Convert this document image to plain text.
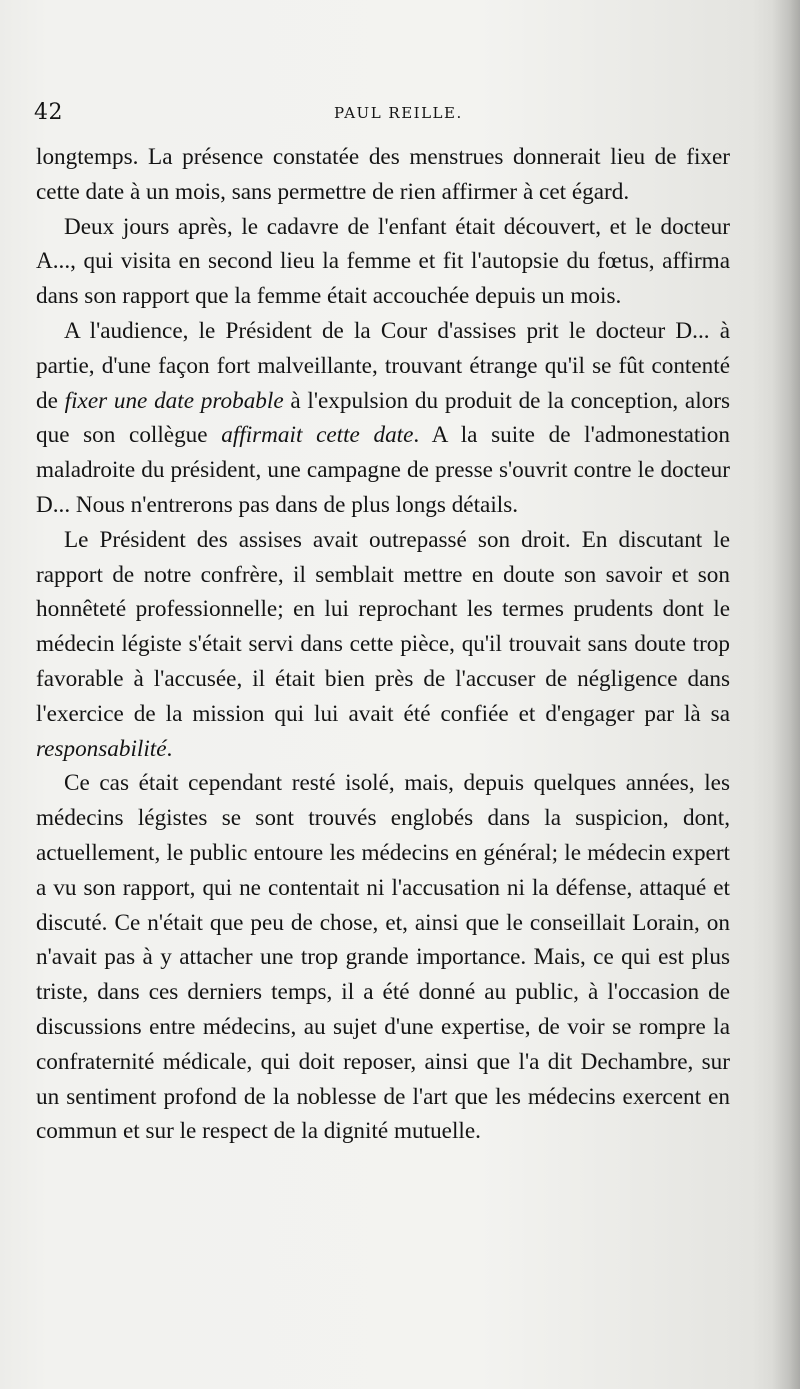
42	PAUL REILLE.

longtemps. La présence constatée des menstrues donnerait lieu de fixer cette date à un mois, sans permettre de rien affirmer à cet égard.

Deux jours après, le cadavre de l'enfant était découvert, et le docteur A..., qui visita en second lieu la femme et fit l'autopsie du fœtus, affirma dans son rapport que la femme était accouchée depuis un mois.

A l'audience, le Président de la Cour d'assises prit le docteur D... à partie, d'une façon fort malveillante, trouvant étrange qu'il se fût contenté de fixer une date probable à l'expulsion du produit de la conception, alors que son collègue affirmait cette date. A la suite de l'admonestation maladroite du président, une campagne de presse s'ouvrit contre le docteur D... Nous n'entrerons pas dans de plus longs détails.

Le Président des assises avait outrepassé son droit. En discutant le rapport de notre confrère, il semblait mettre en doute son savoir et son honnêteté professionnelle; en lui reprochant les termes prudents dont le médecin légiste s'était servi dans cette pièce, qu'il trouvait sans doute trop favorable à l'accusée, il était bien près de l'accuser de négligence dans l'exercice de la mission qui lui avait été confiée et d'engager par là sa responsabilité.

Ce cas était cependant resté isolé, mais, depuis quelques années, les médecins légistes se sont trouvés englobés dans la suspicion, dont, actuellement, le public entoure les médecins en général; le médecin expert a vu son rapport, qui ne contentait ni l'accusation ni la défense, attaqué et discuté. Ce n'était que peu de chose, et, ainsi que le conseillait Lorain, on n'avait pas à y attacher une trop grande importance. Mais, ce qui est plus triste, dans ces derniers temps, il a été donné au public, à l'occasion de discussions entre médecins, au sujet d'une expertise, de voir se rompre la confraternité médicale, qui doit reposer, ainsi que l'a dit Dechambre, sur un sentiment profond de la noblesse de l'art que les médecins exercent en commun et sur le respect de la dignité mutuelle.
